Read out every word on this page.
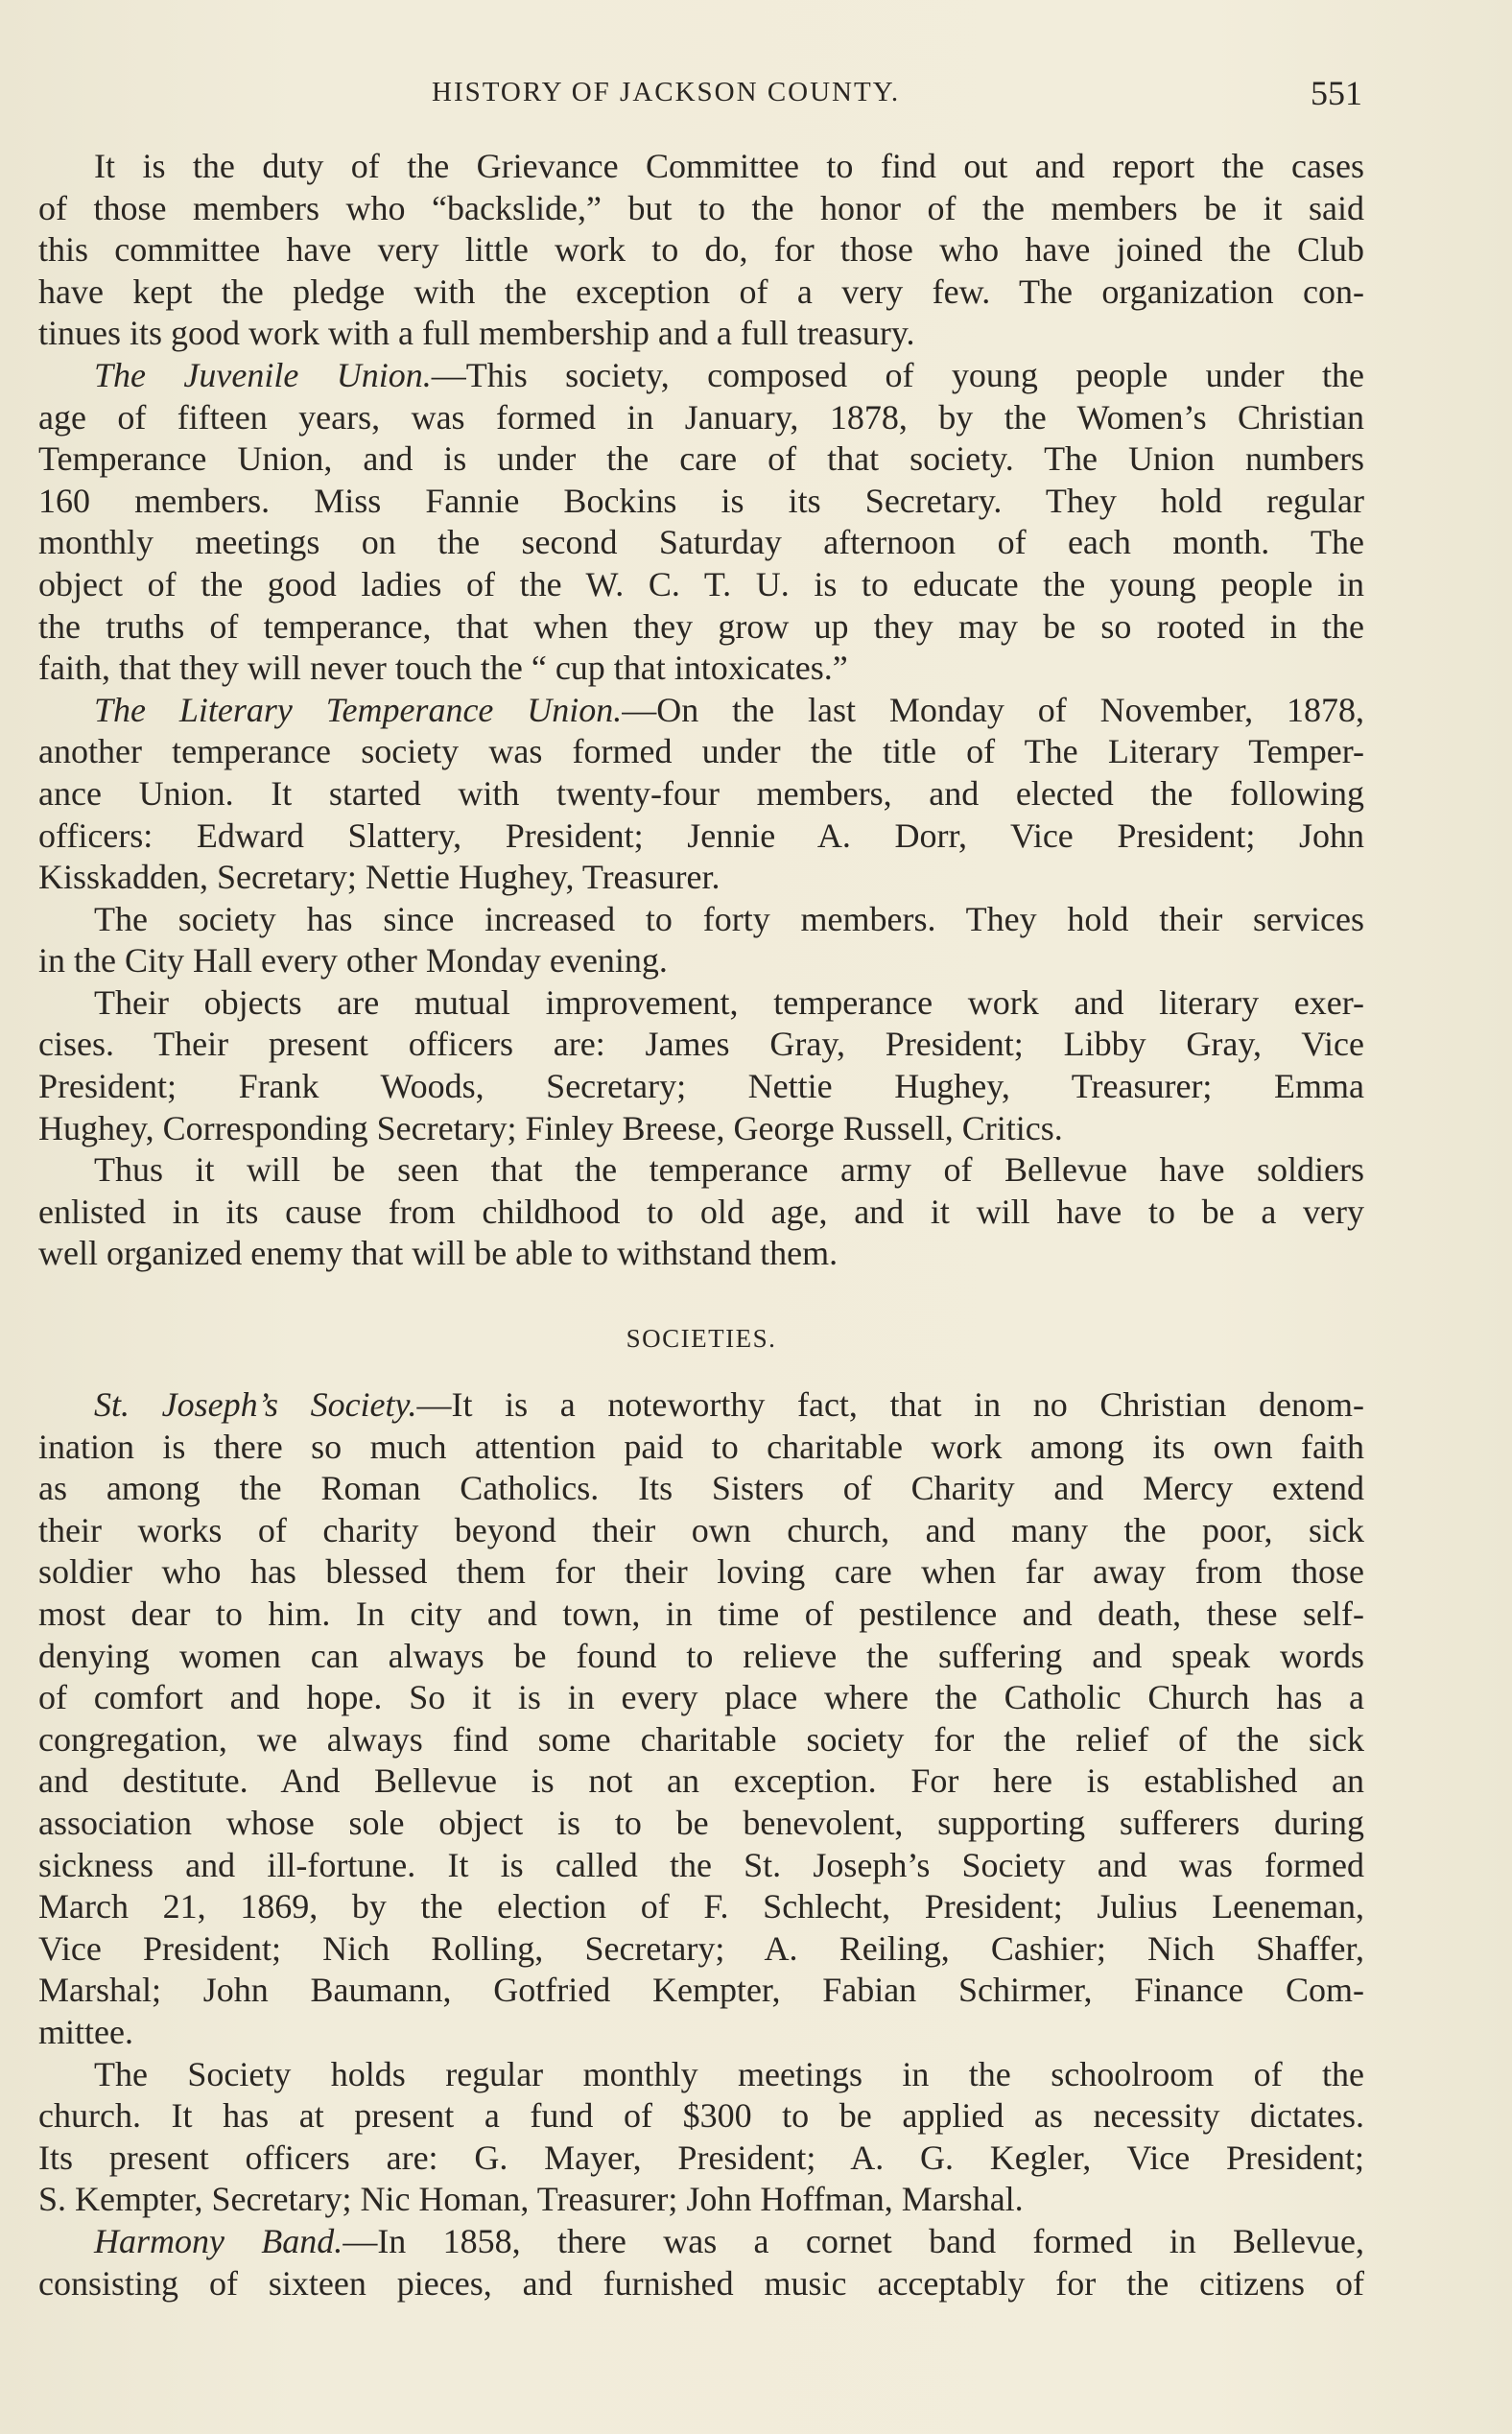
HISTORY OF JACKSON COUNTY.	551
It is the duty of the Grievance Committee to find out and report the cases
of those members who “backslide,” but to the honor of the members be it said
this committee have very little work to do, for those who have joined the Club
have kept the pledge with the exception of a very few. The organization con-
tinues its good work with a full membership and a full treasury.
The Juvenile Union.—This society, composed of young people under the
age of fifteen years, was formed in January, 1878, by the Women’s Christian
Temperance Union, and is under the care of that society. The Union numbers
160 members. Miss Fannie Bockins is its Secretary. They hold regular
monthly meetings on the second Saturday afternoon of each month. The
object of the good ladies of the W. C. T. U. is to educate the young people in
the truths of temperance, that when they grow up they may be so rooted in the
faith, that they will never touch the “ cup that intoxicates.”
The Literary Temperance Union.—On the last Monday of November, 1878,
another temperance society was formed under the title of The Literary Temper-
ance Union. It started with twenty-four members, and elected the following
officers: Edward Slattery, President; Jennie A. Dorr, Vice President; John
Kisskadden, Secretary; Nettie Hughey, Treasurer.
The society has since increased to forty members. They hold their services
in the City Hall every other Monday evening.
Their objects are mutual improvement, temperance work and literary exer-
cises. Their present officers are: James Gray, President; Libby Gray, Vice
President; Frank Woods, Secretary; Nettie Hughey, Treasurer; Emma
Hughey, Corresponding Secretary; Finley Breese, George Russell, Critics.
Thus it will be seen that the temperance army of Bellevue have soldiers
enlisted in its cause from childhood to old age, and it will have to be a very
well organized enemy that will be able to withstand them.
SOCIETIES.
St. Joseph’s Society.—It is a noteworthy fact, that in no Christian denom-
ination is there so much attention paid to charitable work among its own faith
as among the Roman Catholics. Its Sisters of Charity and Mercy extend
their works of charity beyond their own church, and many the poor, sick
soldier who has blessed them for their loving care when far away from those
most dear to him. In city and town, in time of pestilence and death, these self-
denying women can always be found to relieve the suffering and speak words
of comfort and hope. So it is in every place where the Catholic Church has a
congregation, we always find some charitable society for the relief of the sick
and destitute. And Bellevue is not an exception. For here is established an
association whose sole object is to be benevolent, supporting sufferers during
sickness and ill-fortune. It is called the St. Joseph’s Society and was formed
March 21, 1869, by the election of F. Schlecht, President; Julius Leeneman,
Vice President; Nich Rolling, Secretary; A. Reiling, Cashier; Nich Shaffer,
Marshal; John Baumann, Gotfried Kempter, Fabian Schirmer, Finance Com-
mittee.
The Society holds regular monthly meetings in the schoolroom of the
church. It has at present a fund of $300 to be applied as necessity dictates.
Its present officers are: G. Mayer, President; A. G. Kegler, Vice President;
S. Kempter, Secretary; Nic Homan, Treasurer; John Hoffman, Marshal.
Harmony Band.—In 1858, there was a cornet band formed in Bellevue,
consisting of sixteen pieces, and furnished music acceptably for the citizens of
